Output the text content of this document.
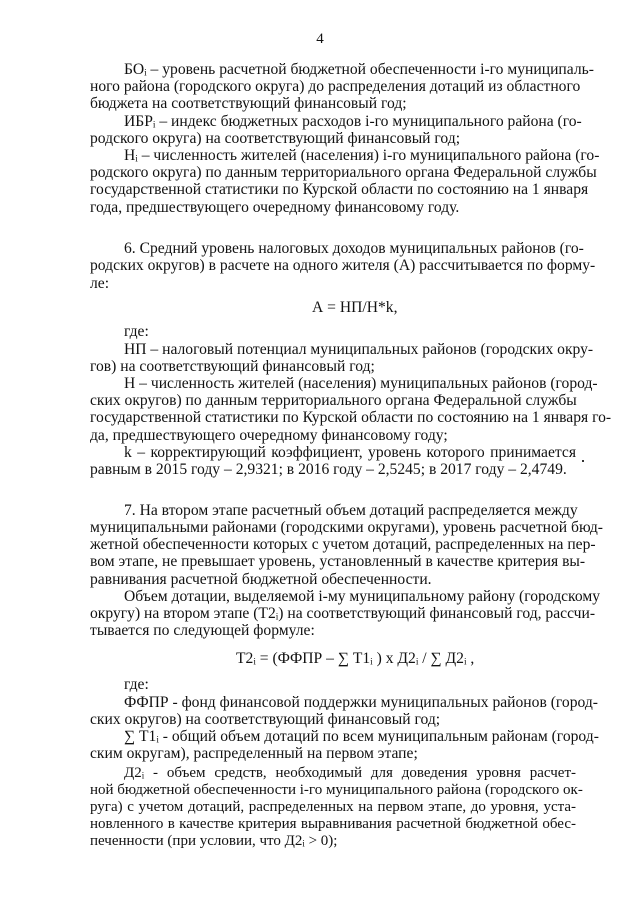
4
БОᵢ – уровень расчетной бюджетной обеспеченности i-го муниципаль-
ного района (городского округа) до распределения дотаций из областного
бюджета на соответствующий финансовый год;
ИБРᵢ – индекс бюджетных расходов i-го муниципального района (го-
родского округа) на соответствующий финансовый год;
Нᵢ – численность жителей (населения) i-го муниципального района (го-
родского округа) по данным территориального органа Федеральной службы
государственной статистики по Курской области по состоянию на 1 января
года, предшествующего очередному финансовому году.
6. Средний уровень налоговых доходов муниципальных районов (го-
родских округов) в расчете на одного жителя (А) рассчитывается по форму-
ле:
А = НП/Н*k,
где:
НП – налоговый потенциал муниципальных районов (городских окру-
гов) на соответствующий финансовый год;
Н – численность жителей (населения) муниципальных районов (город-
ских округов) по данным территориального органа Федеральной службы
государственной статистики по Курской области по состоянию на 1 января го-
да, предшествующего очередному финансовому году;
k – корректирующий коэффициент, уровень которого принимается
равным в 2015 году – 2,9321; в 2016 году – 2,5245; в 2017 году – 2,4749.
7. На втором этапе расчетный объем дотаций распределяется между
муниципальными районами (городскими округами), уровень расчетной бюд-
жетной обеспеченности которых с учетом дотаций, распределенных на пер-
вом этапе, не превышает уровень, установленный в качестве критерия вы-
равнивания расчетной бюджетной обеспеченности.
Объем дотации, выделяемой i-му муниципальному району (городскому
округу) на втором этапе (Т2ᵢ) на соответствующий финансовый год, рассчи-
тывается по следующей формуле:
Т2ᵢ = (ФФПР – ∑ Т1ᵢ ) х Д2ᵢ / ∑ Д2ᵢ ,
где:
ФФПР - фонд финансовой поддержки муниципальных районов (город-
ских округов) на соответствующий финансовый год;
∑ Т1ᵢ - общий объем дотаций по всем муниципальным районам (город-
ским округам), распределенный на первом этапе;
Д2ᵢ - объем средств, необходимый для доведения уровня расчет-
ной бюджетной обеспеченности i-го муниципального района (городского ок-
руга) с учетом дотаций, распределенных на первом этапе, до уровня, уста-
новленного в качестве критерия выравнивания расчетной бюджетной обес-
печенности (при условии, что Д2ᵢ > 0);
